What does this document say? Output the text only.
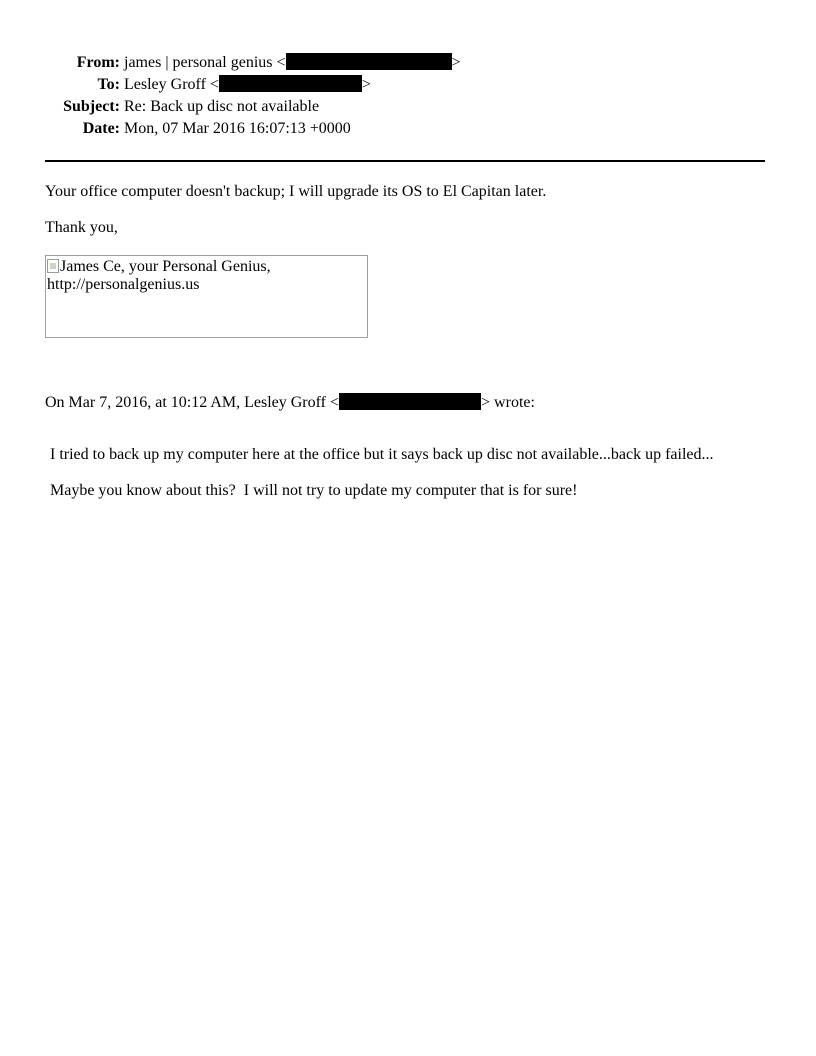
From:	james | personal genius < >
To:	Lesley Groff < >
Subject:	Re: Back up disc not available
Date:	Mon, 07 Mar 2016 16:07:13 +0000
Your office computer doesn't backup; I will upgrade its OS to El Capitan later.
Thank you,
James Ce, your Personal Genius,
http://personalgenius.us
On Mar 7, 2016, at 10:12 AM, Lesley Groff <	> wrote:
I tried to back up my computer here at the office but it says back up disc not available...back up failed...
Maybe you know about this?  I will not try to update my computer that is for sure!
